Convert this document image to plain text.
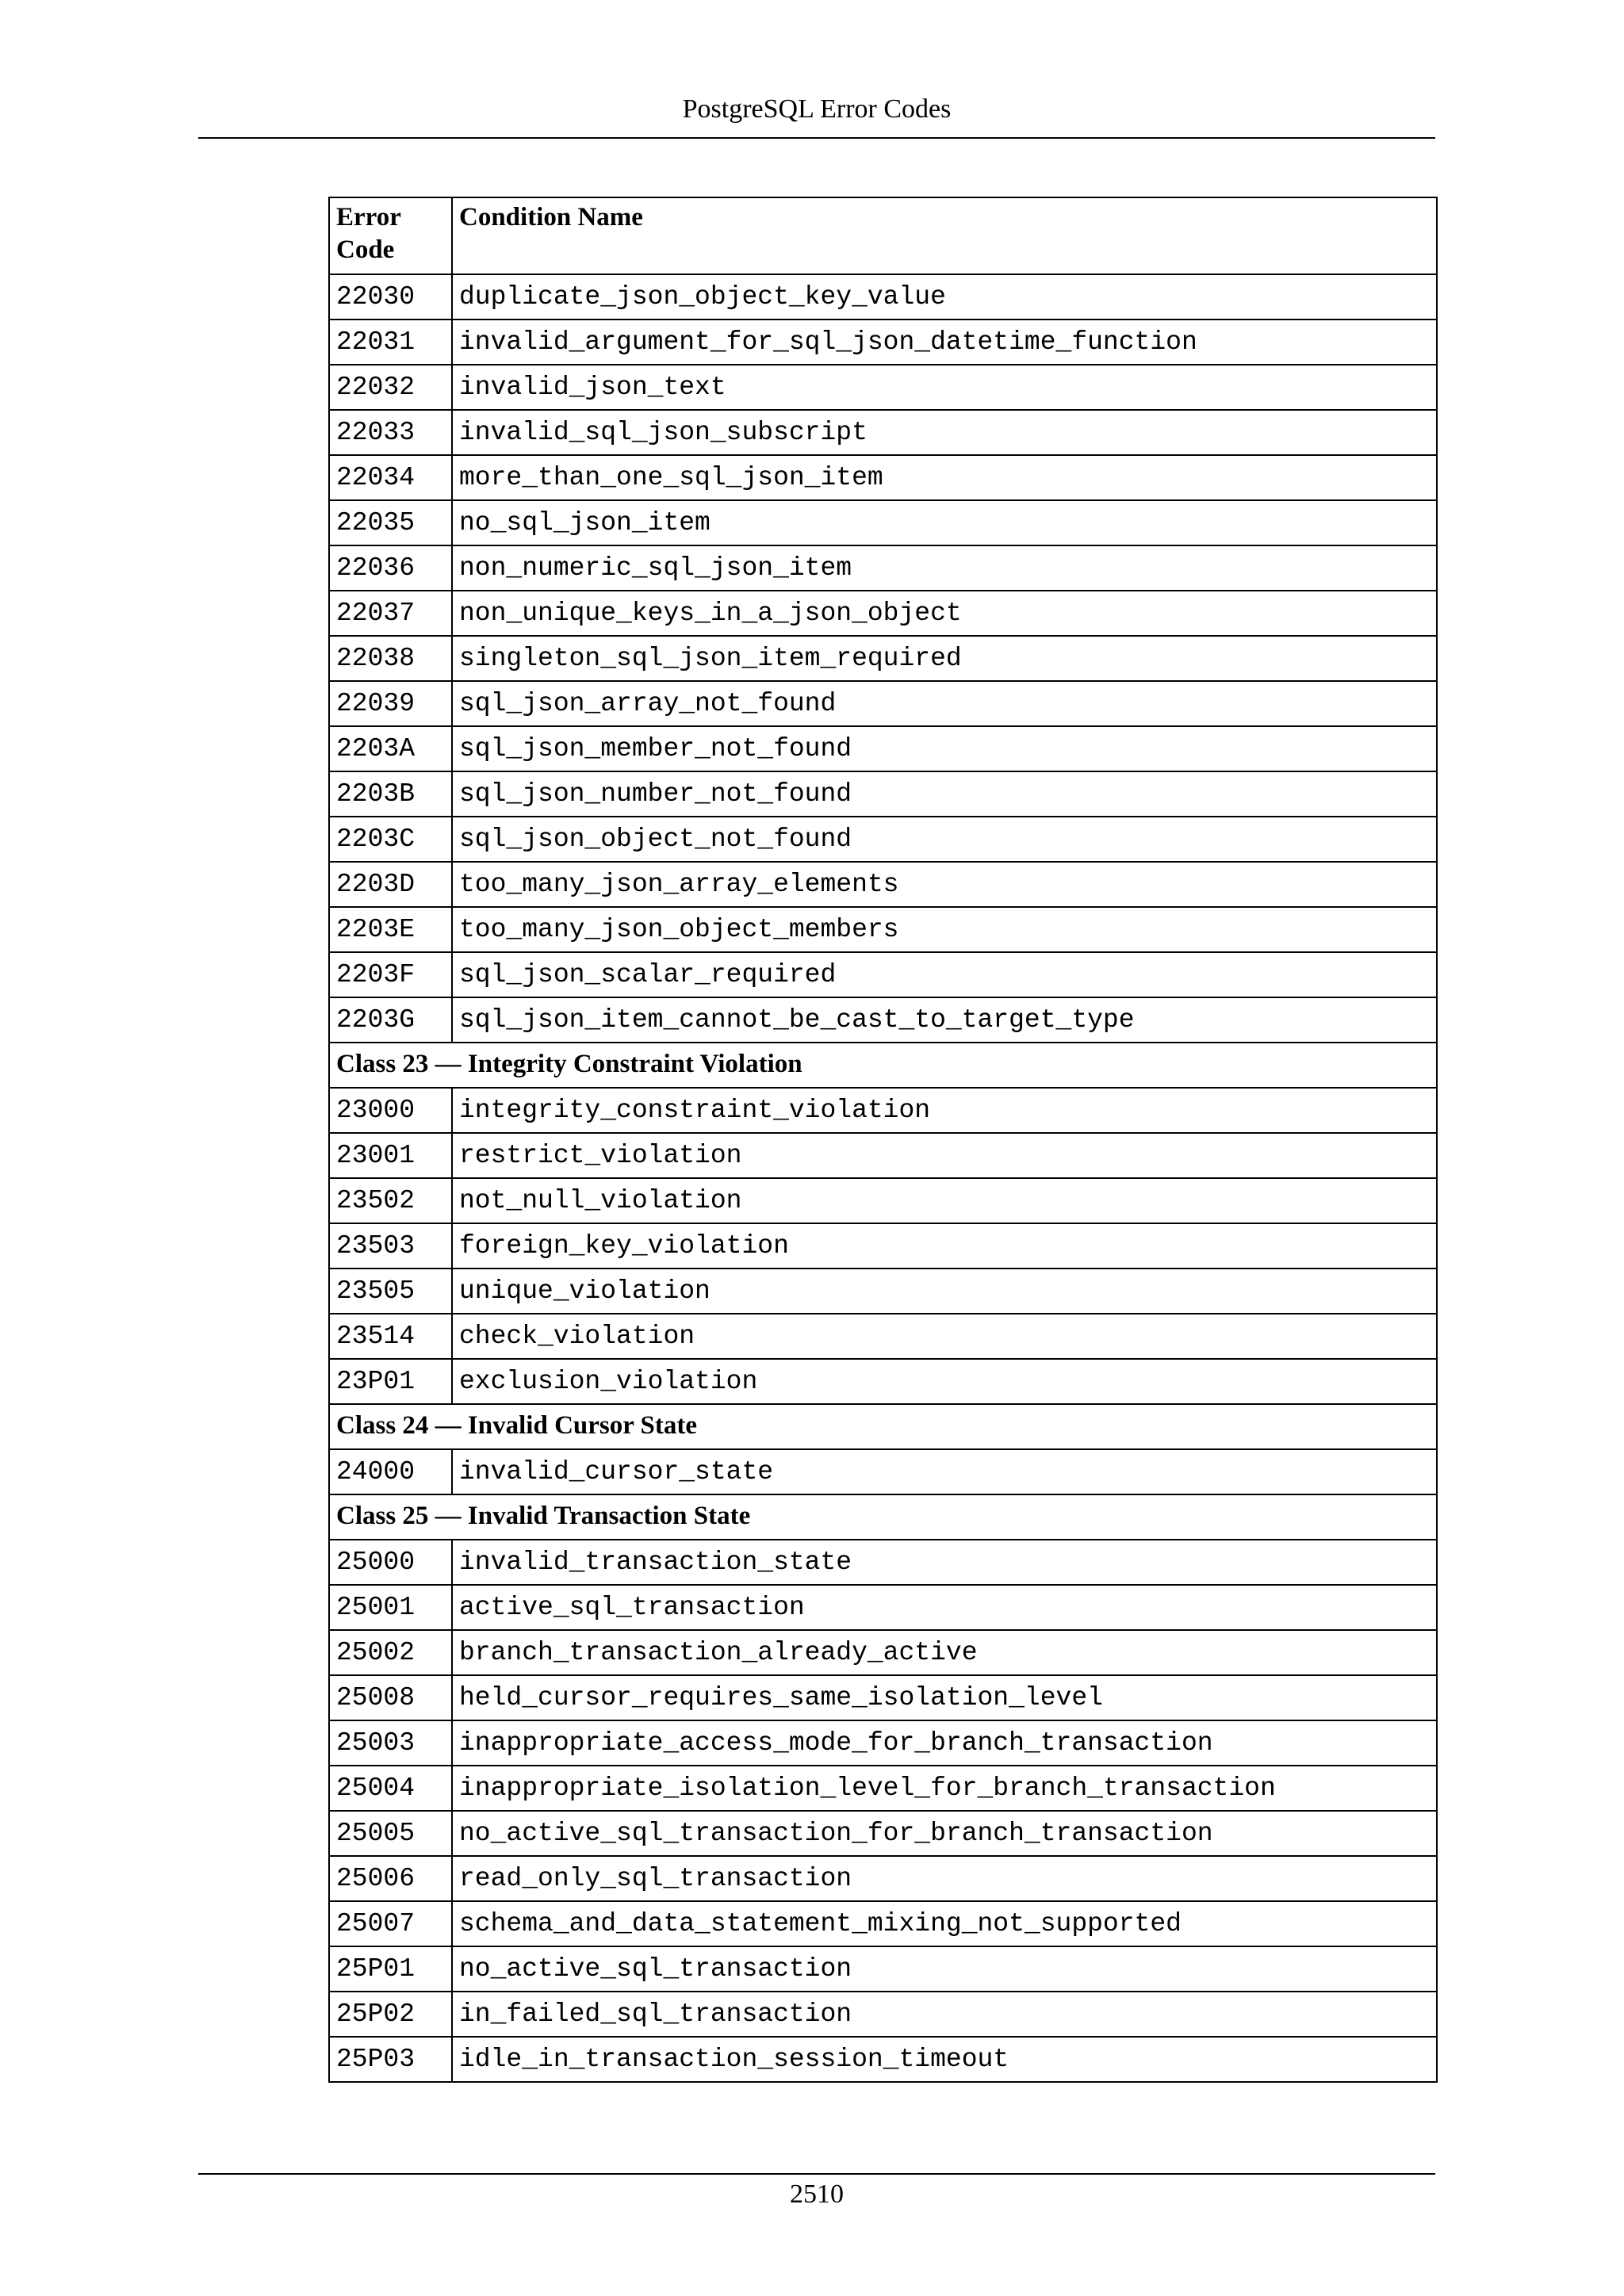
PostgreSQL Error Codes
Error
Code	Condition Name
22030	duplicate_json_object_key_value
22031	invalid_argument_for_sql_json_datetime_function
22032	invalid_json_text
22033	invalid_sql_json_subscript
22034	more_than_one_sql_json_item
22035	no_sql_json_item
22036	non_numeric_sql_json_item
22037	non_unique_keys_in_a_json_object
22038	singleton_sql_json_item_required
22039	sql_json_array_not_found
2203A	sql_json_member_not_found
2203B	sql_json_number_not_found
2203C	sql_json_object_not_found
2203D	too_many_json_array_elements
2203E	too_many_json_object_members
2203F	sql_json_scalar_required
2203G	sql_json_item_cannot_be_cast_to_target_type
Class 23 — Integrity Constraint Violation	
23000	integrity_constraint_violation
23001	restrict_violation
23502	not_null_violation
23503	foreign_key_violation
23505	unique_violation
23514	check_violation
23P01	exclusion_violation
Class 24 — Invalid Cursor State	
24000	invalid_cursor_state
Class 25 — Invalid Transaction State	
25000	invalid_transaction_state
25001	active_sql_transaction
25002	branch_transaction_already_active
25008	held_cursor_requires_same_isolation_level
25003	inappropriate_access_mode_for_branch_transaction
25004	inappropriate_isolation_level_for_branch_transaction
25005	no_active_sql_transaction_for_branch_transaction
25006	read_only_sql_transaction
25007	schema_and_data_statement_mixing_not_supported
25P01	no_active_sql_transaction
25P02	in_failed_sql_transaction
25P03	idle_in_transaction_session_timeout
2510
